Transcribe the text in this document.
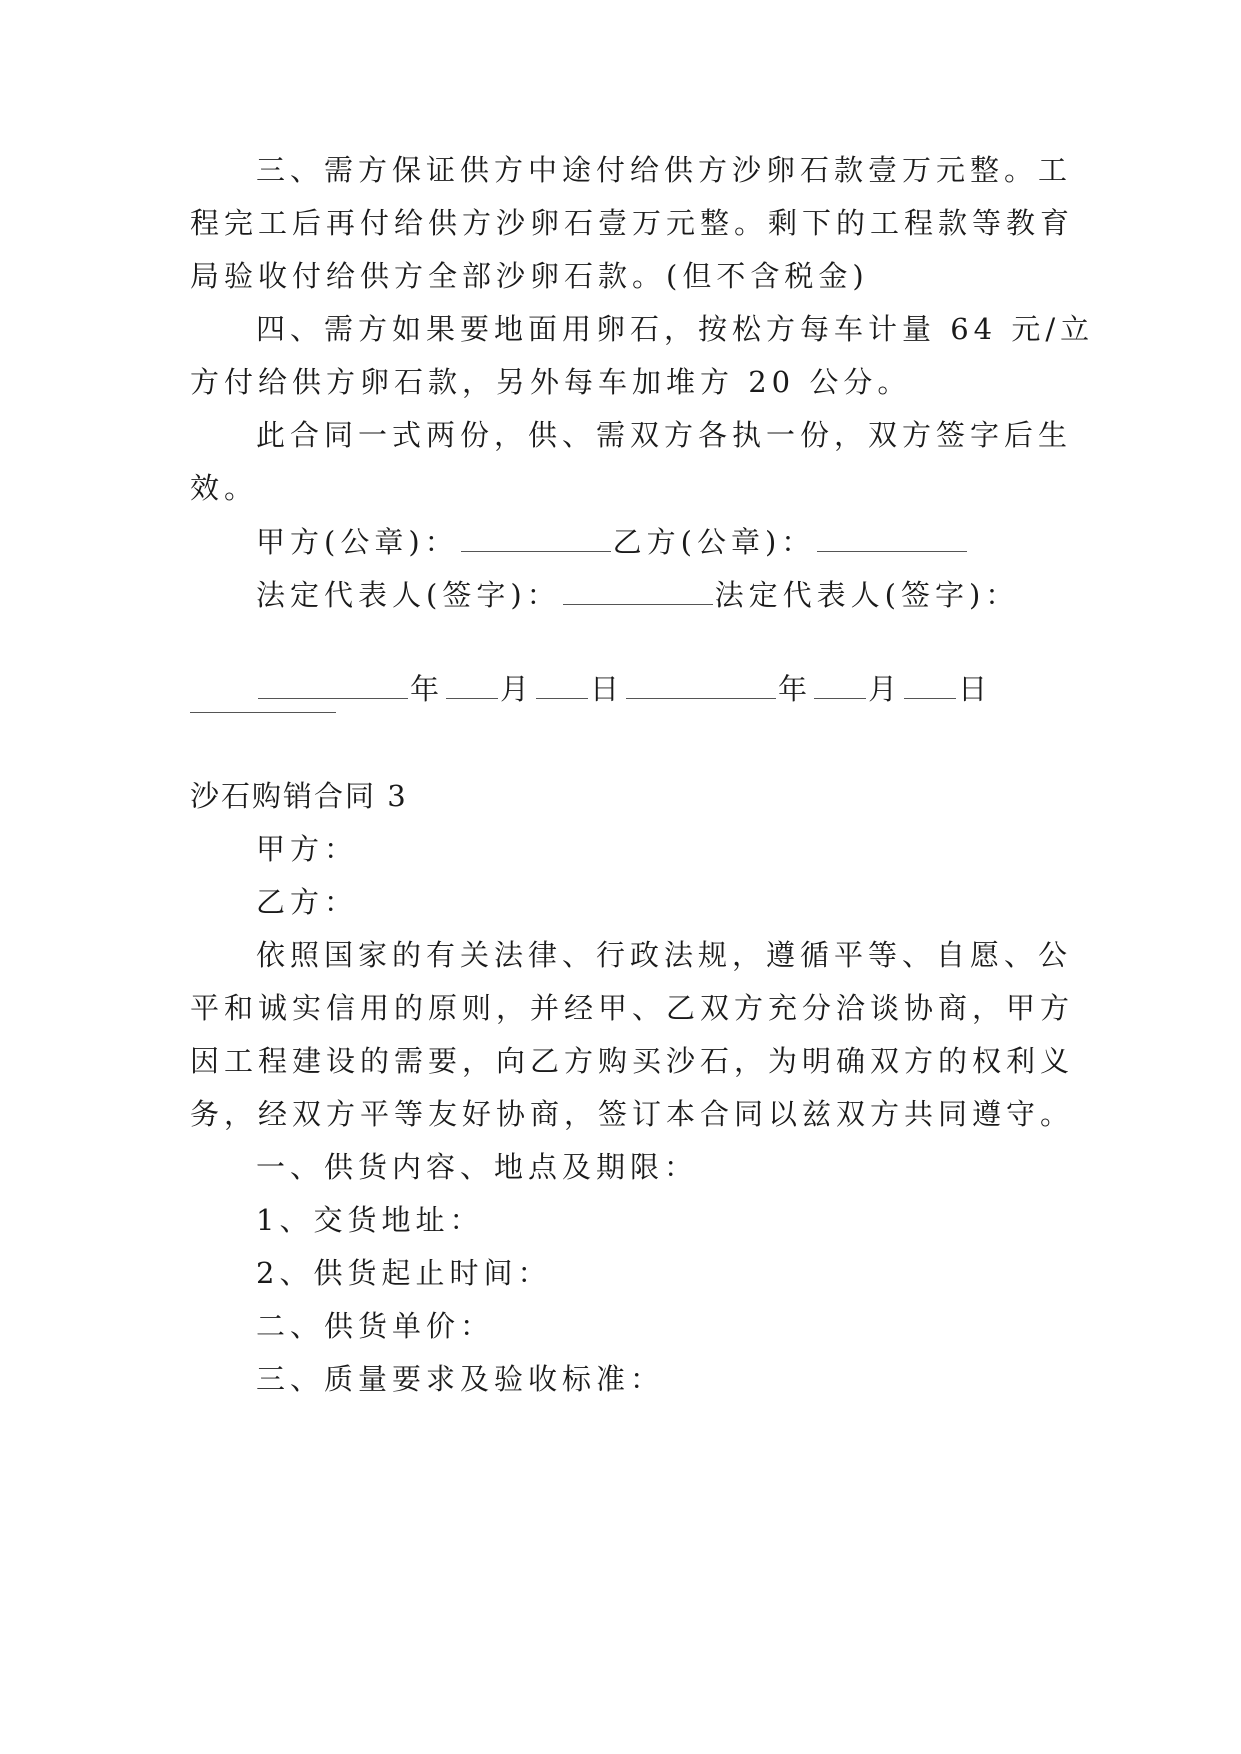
三、需方保证供方中途付给供方沙卵石款壹万元整。工
程完工后再付给供方沙卵石壹万元整。剩下的工程款等教育
局验收付给供方全部沙卵石款。(但不含税金)
四、需方如果要地面用卵石，按松方每车计量 64 元/立
方付给供方卵石款，另外每车加堆方 20 公分。
此合同一式两份，供、需双方各执一份，双方签字后生
效。
甲方(公章)：	乙方(公章)：
法定代表人(签字)：	法定代表人(签字)：
年 月 日	年 月 日
沙石购销合同 3
甲方：
乙方：
依照国家的有关法律、行政法规，遵循平等、自愿、公
平和诚实信用的原则，并经甲、乙双方充分洽谈协商，甲方
因工程建设的需要，向乙方购买沙石，为明确双方的权利义
务，经双方平等友好协商，签订本合同以兹双方共同遵守。
一、供货内容、地点及期限：
1、交货地址：
2、供货起止时间：
二、供货单价：
三、质量要求及验收标准：
